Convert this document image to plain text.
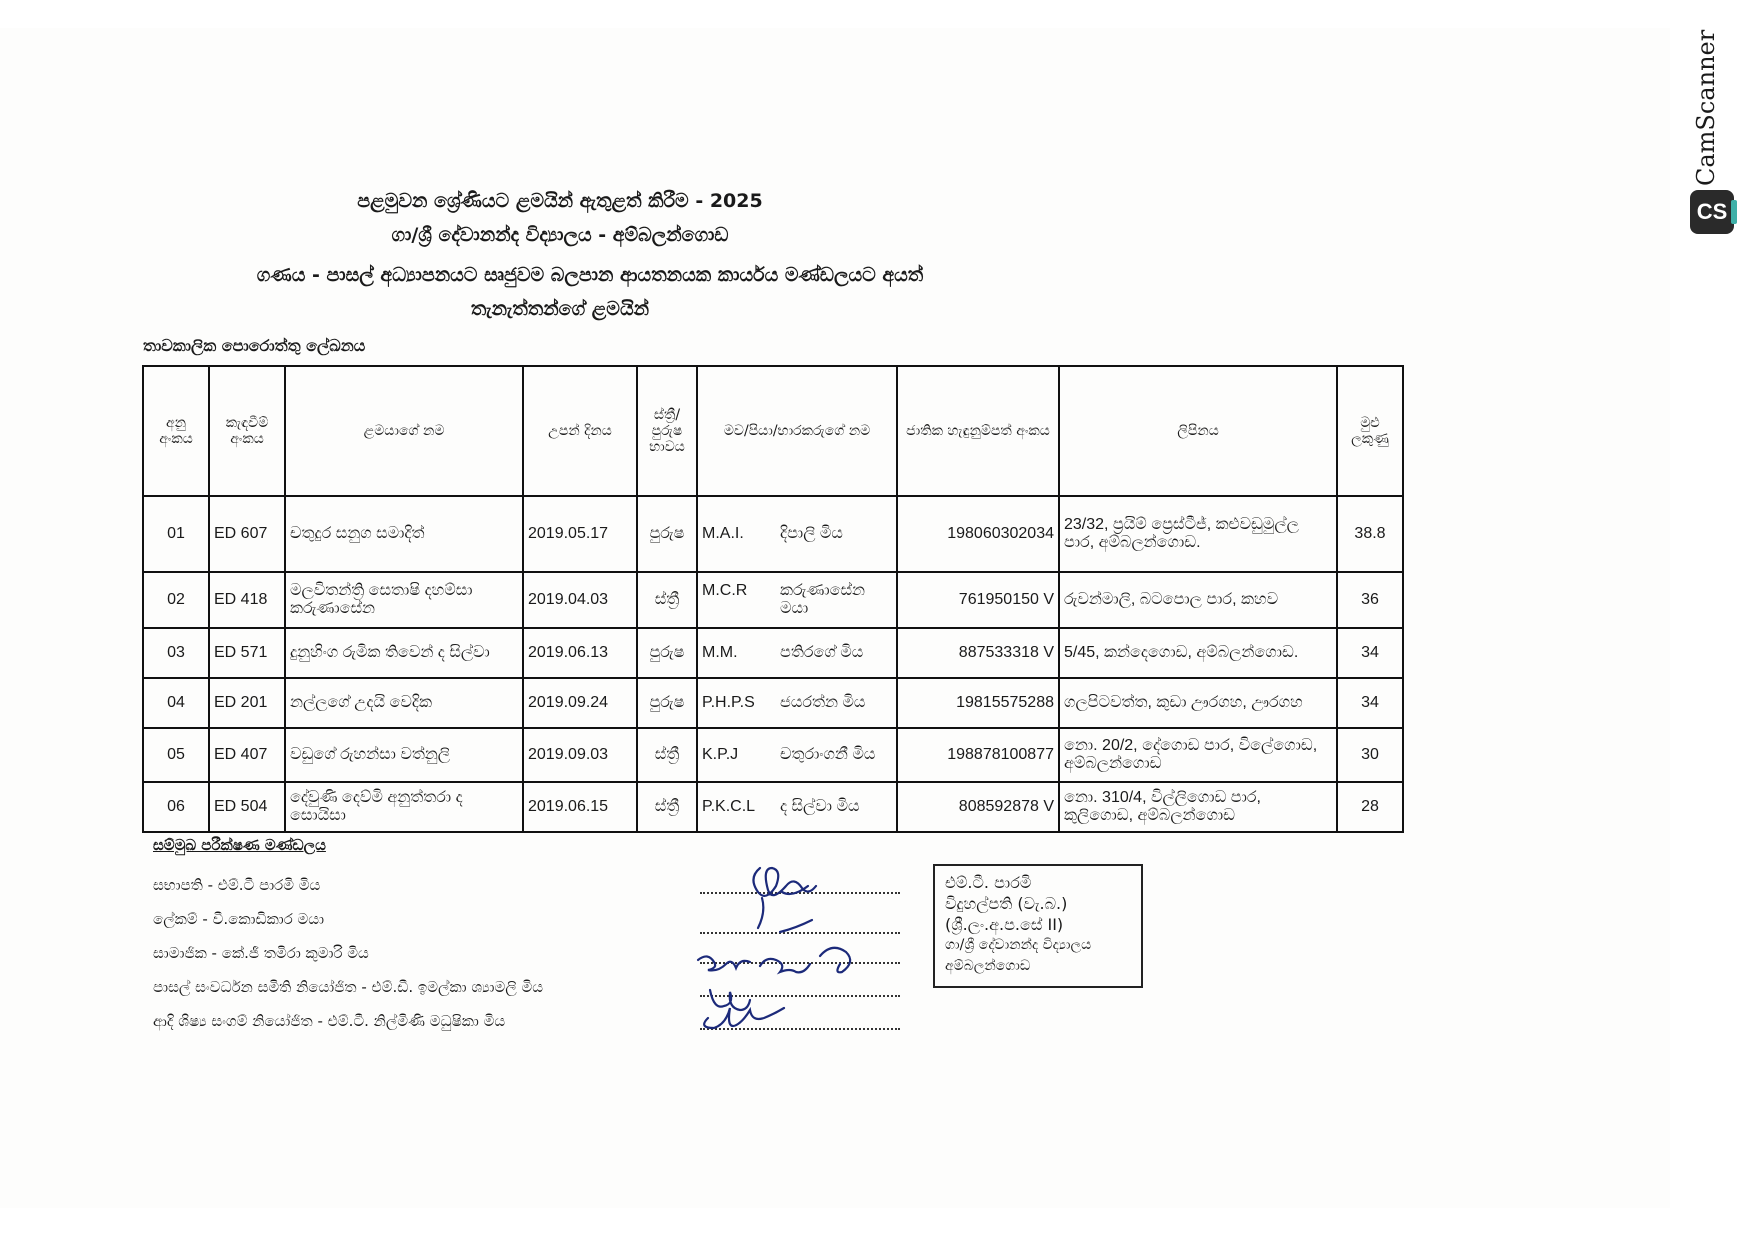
පළමුවන ශ්‍රේණියට ළමයින් ඇතුළත් කිරීම - 2025
ගා/ශ්‍රී දේවානන්ද විද්‍යාලය - අම්බලන්ගොඩ
ගණය - පාසල් අධ්‍යාපනයට සෘජුවම බලපාන ආයතනයක කාර්යය මණ්ඩලයට අයත්
තැනැත්තන්ගේ ළමයින්
තාවකාලික පොරොත්තු ලේඛනය
අනු අංකය	කැඳවීම් අංකය	ළමයාගේ නම	උපන් දිනය	ස්ත්‍රී/ පුරුෂ භාවය	මව/පියා/භාරකරුගේ නම	ජාතික හැඳුනුම්පත් අංකය	ලිපිනය	මුළු ලකුණු
01	ED 607	චතුදුර සනුග සමාදිත්	2019.05.17	පුරුෂ	M.A.I. දිපාලි මිය	198060302034	23/32, ප්‍රයිම් ප්‍රෙස්ටීජ්, කළුවඩුමුල්ල පාර, අම්බලන්ගොඩ.	38.8
02	ED 418	මලවිතන්ත්‍රි සෙතාෂි දහම්සා කරුණාසේන	2019.04.03	ස්ත්‍රී	M.C.R කරුණාසේන මයා	761950150 V	රුවන්මාලි, බටපොල පාර, කහව	36
03	ED 571	දුනුහිංග රුමික තිවෙන් ද සිල්වා	2019.06.13	පුරුෂ	M.M. පතිරගේ මිය	887533318 V	5/45, කන්දෙගොඩ, අම්බලන්ගොඩ.	34
04	ED 201	නල්ලගේ උදයි වෙදික	2019.09.24	පුරුෂ	P.H.P.S ජයරත්න මිය	19815575288	ගලපිටවත්ත, කුඩා ඌරගහ, ඌරගහ	34
05	ED 407	වඩුගේ රුහන්සා වත්නුලි	2019.09.03	ස්ත්‍රී	K.P.J චතුරාංගනී මිය	198878100877	නො. 20/2, දේගොඩ පාර, විලේගොඩ, අම්බලන්ගොඩ	30
06	ED 504	දේවුණි දෙව්මි අනුත්තරා ද සොයිසා	2019.06.15	ස්ත්‍රී	P.K.C.L ද සිල්වා මිය	808592878 V	නො. 310/4, විල්ලිගොඩ පාර, කුලිගොඩ, අම්බලන්ගොඩ	28
සම්මුඛ පරීක්ෂණ මණ්ඩලය
සභාපති - එම්.ටී පාරමි මිය
ලේකම් - වී.කොඩිකාර මයා
සාමාජික - කේ.ජී තමිරා කුමාරි මිය
පාසල් සංවර්ධන සමිති නියෝජිත - එම්.ඩී. ඉමල්කා ශ්‍යාමලි මිය
ආදි ශිෂ්‍ය සංගම් නියෝජිත - එම්.ටී. නිල්මිණි මධුෂිකා මිය
එම්.ටී. පාරමි
විදුහල්පති (වැ.බ.)
(ශ්‍රී.ලං.අ.ප.සේ II)
ගා/ශ්‍රී දේවානන්ද විද්‍යාලය
අම්බලන්ගොඩ
CamScanner
CS
